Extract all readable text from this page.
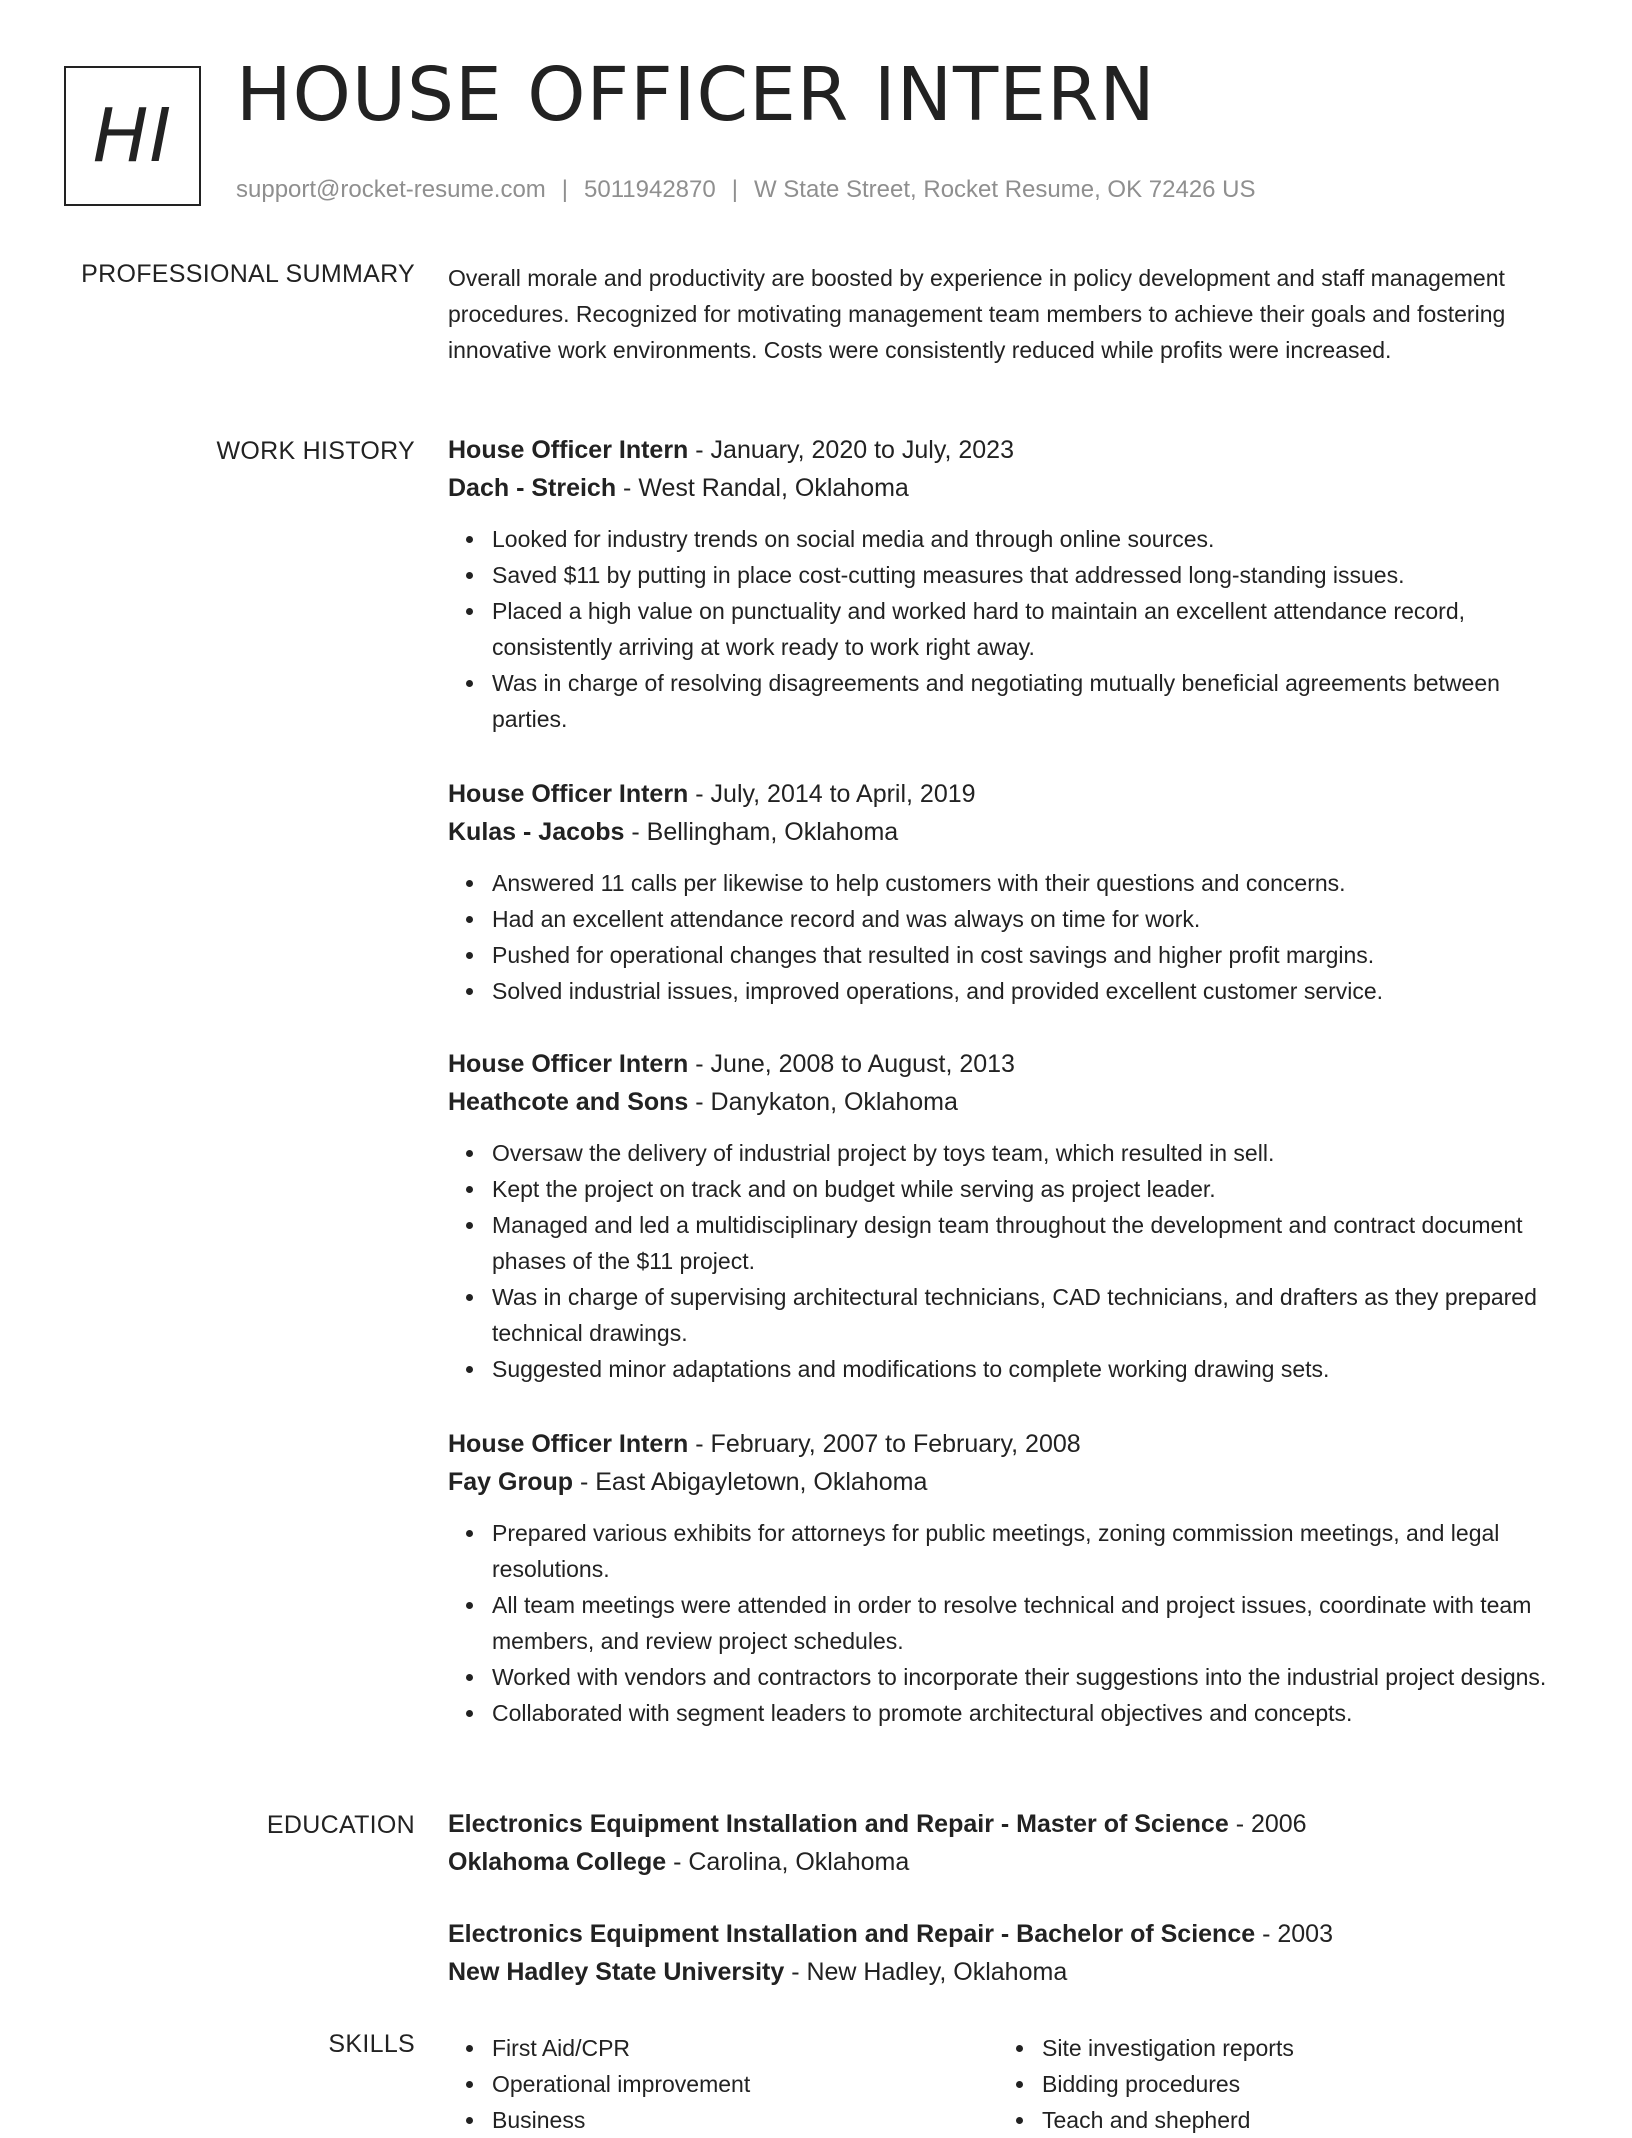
HI HOUSE OFFICER INTERN
support@rocket-resume.com | 5011942870 | W State Street, Rocket Resume, OK 72426 US
PROFESSIONAL SUMMARY Overall morale and productivity are boosted by experience in policy development and staff management procedures. Recognized for motivating management team members to achieve their goals and fostering innovative work environments. Costs were consistently reduced while profits were increased.

WORK HISTORY House Officer Intern - January, 2020 to July, 2023
Dach - Streich - West Randal, Oklahoma
Looked for industry trends on social media and through online sources.
Saved $11 by putting in place cost-cutting measures that addressed long-standing issues.
Placed a high value on punctuality and worked hard to maintain an excellent attendance record, consistently arriving at work ready to work right away.
Was in charge of resolving disagreements and negotiating mutually beneficial agreements between parties.
House Officer Intern - July, 2014 to April, 2019
Kulas - Jacobs - Bellingham, Oklahoma
Answered 11 calls per likewise to help customers with their questions and concerns.
Had an excellent attendance record and was always on time for work.
Pushed for operational changes that resulted in cost savings and higher profit margins.
Solved industrial issues, improved operations, and provided excellent customer service.
House Officer Intern - June, 2008 to August, 2013
Heathcote and Sons - Danykaton, Oklahoma
Oversaw the delivery of industrial project by toys team, which resulted in sell.
Kept the project on track and on budget while serving as project leader.
Managed and led a multidisciplinary design team throughout the development and contract document phases of the $11 project.
Was in charge of supervising architectural technicians, CAD technicians, and drafters as they prepared technical drawings.
Suggested minor adaptations and modifications to complete working drawing sets.
House Officer Intern - February, 2007 to February, 2008
Fay Group - East Abigayletown, Oklahoma
Prepared various exhibits for attorneys for public meetings, zoning commission meetings, and legal resolutions.
All team meetings were attended in order to resolve technical and project issues, coordinate with team members, and review project schedules.
Worked with vendors and contractors to incorporate their suggestions into the industrial project designs.
Collaborated with segment leaders to promote architectural objectives and concepts.
EDUCATION Electronics Equipment Installation and Repair - Master of Science - 2006
Oklahoma College - Carolina, Oklahoma
Electronics Equipment Installation and Repair - Bachelor of Science - 2003
New Hadley State University - New Hadley, Oklahoma
SKILLS	First Aid/CPR
Operational improvement
Business
Site investigation reports
Bidding procedures
Teach and shepherd
